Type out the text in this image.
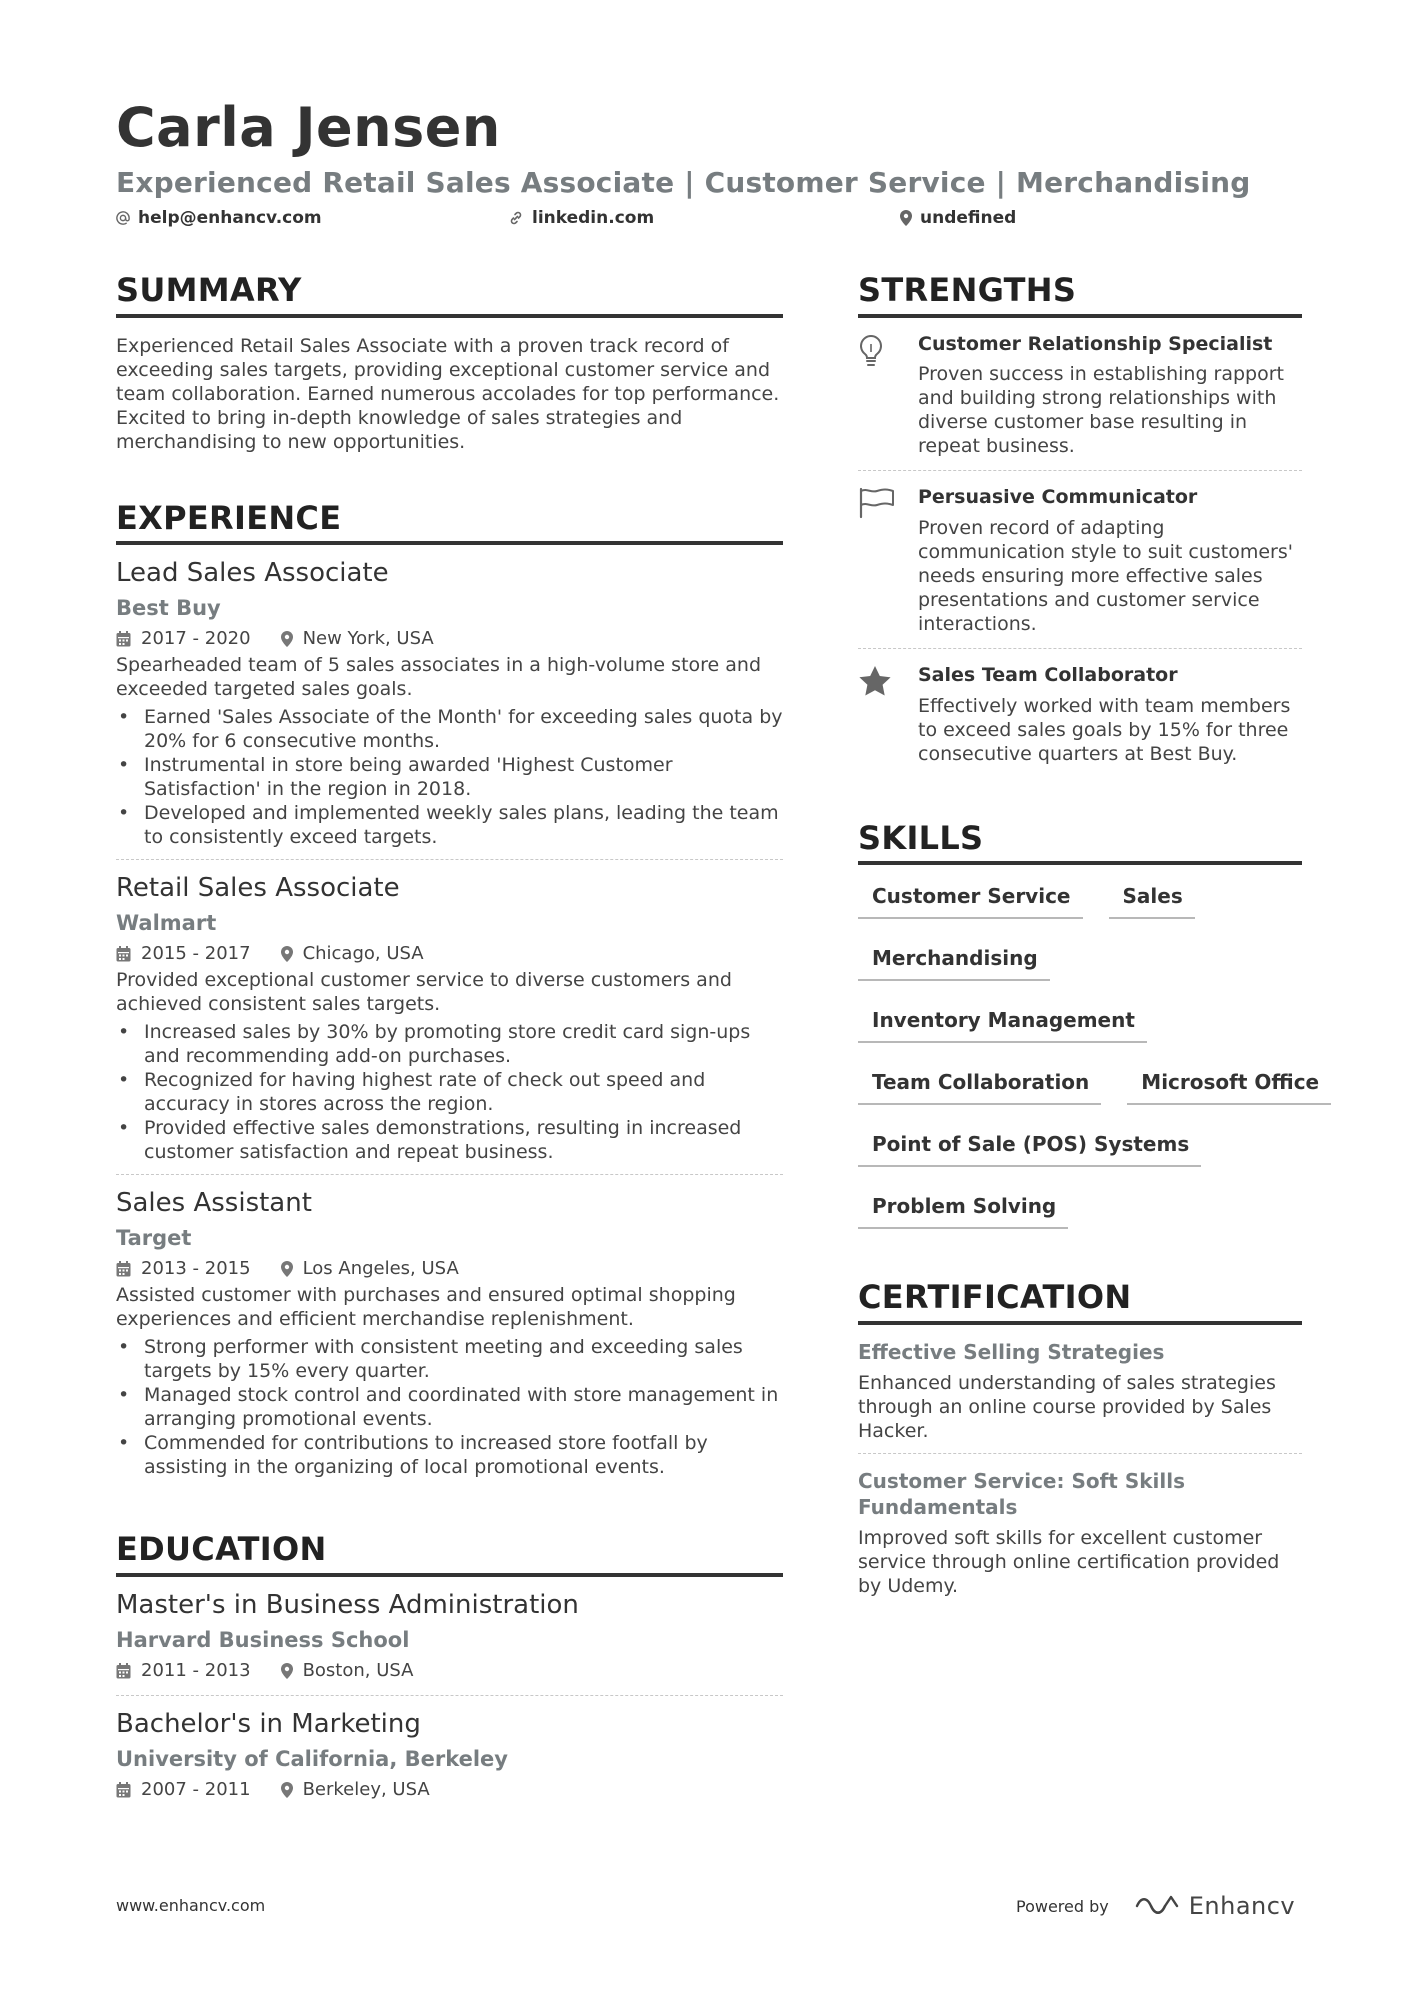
Carla Jensen
Experienced Retail Sales Associate | Customer Service | Merchandising
help@enhancv.com	linkedin.com	undefined
SUMMARY

Experienced Retail Sales Associate with a proven track record of exceeding sales targets, providing exceptional customer service and team collaboration. Earned numerous accolades for top performance. Excited to bring in-depth knowledge of sales strategies and merchandising to new opportunities.

EXPERIENCE
Lead Sales Associate
Best Buy
2017 - 2020	New York, USA

Spearheaded team of 5 sales associates in a high-volume store and exceeded targeted sales goals.

• Earned 'Sales Associate of the Month' for exceeding sales quota by 20% for 6 consecutive months.
• Instrumental in store being awarded 'Highest Customer Satisfaction' in the region in 2018.
• Developed and implemented weekly sales plans, leading the team to consistently exceed targets.
Retail Sales Associate
Walmart
2015 - 2017	Chicago, USA

Provided exceptional customer service to diverse customers and achieved consistent sales targets.

• Increased sales by 30% by promoting store credit card sign-ups and recommending add-on purchases.
• Recognized for having highest rate of check out speed and accuracy in stores across the region.
• Provided effective sales demonstrations, resulting in increased customer satisfaction and repeat business.
Sales Assistant
Target
2013 - 2015	Los Angeles, USA

Assisted customer with purchases and ensured optimal shopping experiences and efficient merchandise replenishment.

• Strong performer with consistent meeting and exceeding sales targets by 15% every quarter.
• Managed stock control and coordinated with store management in arranging promotional events.
• Commended for contributions to increased store footfall by assisting in the organizing of local promotional events.
EDUCATION
Master's in Business Administration
Harvard Business School
2011 - 2013	Boston, USA
Bachelor's in Marketing
University of California, Berkeley
2007 - 2011	Berkeley, USA
STRENGTHS
Customer Relationship Specialist

Proven success in establishing rapport and building strong relationships with diverse customer base resulting in repeat business.

Persuasive Communicator

Proven record of adapting communication style to suit customers' needs ensuring more effective sales presentations and customer service interactions.

Sales Team Collaborator

Effectively worked with team members to exceed sales goals by 15% for three consecutive quarters at Best Buy.

SKILLS
Customer Service	Sales
Merchandising
Inventory Management
Team Collaboration	Microsoft Office
Point of Sale (POS) Systems
Problem Solving
CERTIFICATION
Effective Selling Strategies

Enhanced understanding of sales strategies through an online course provided by Sales Hacker.

Customer Service: Soft Skills Fundamentals

Improved soft skills for excellent customer service through online certification provided by Udemy.

www.enhancv.com	Powered by	Enhancv
